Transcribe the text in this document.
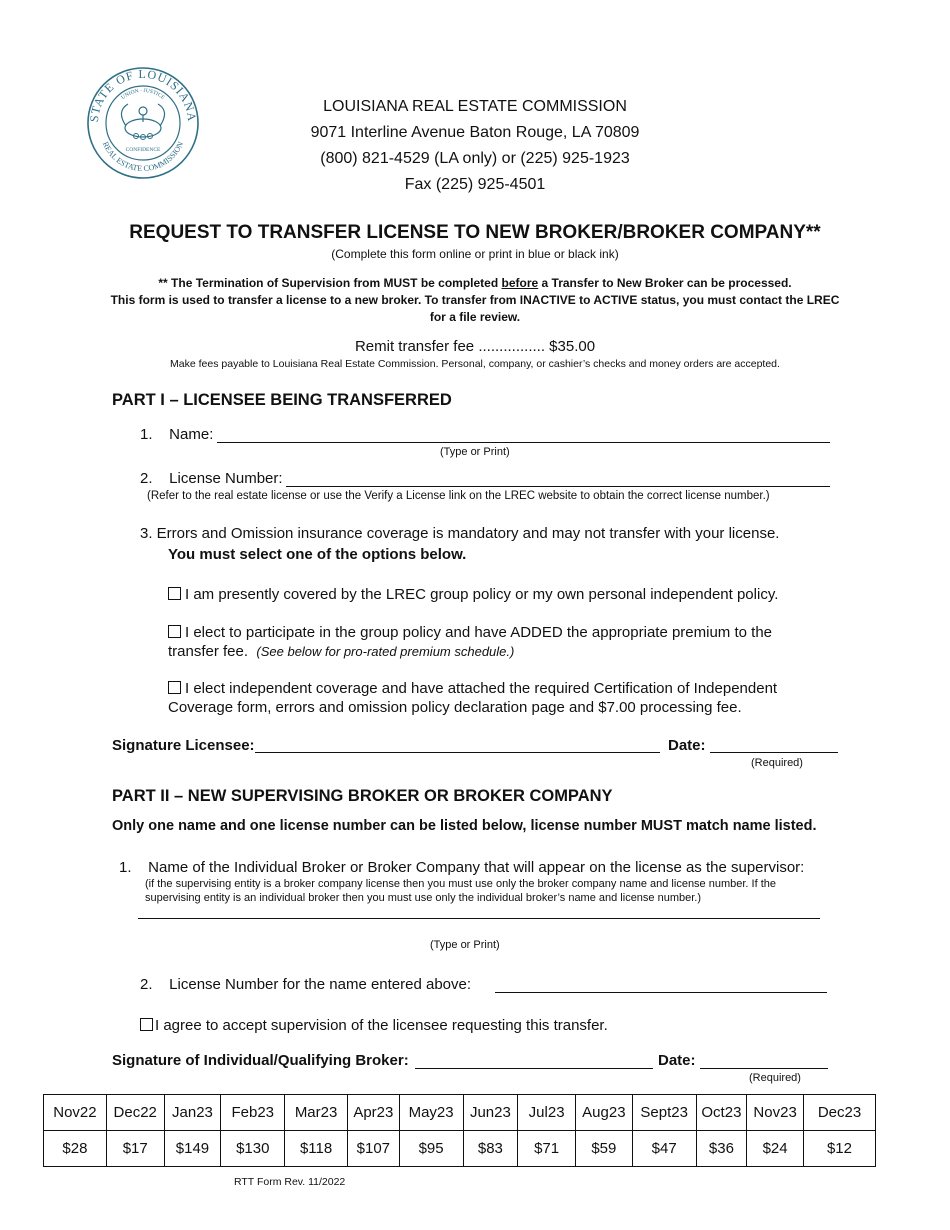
STATE OF LOUISIANA
REAL ESTATE COMMISSION
UNION · JUSTICE
CONFIDENCE
LOUISIANA REAL ESTATE COMMISSION
9071 Interline Avenue Baton Rouge, LA 70809
(800) 821-4529 (LA only) or (225) 925-1923
Fax (225) 925-4501
REQUEST TO TRANSFER LICENSE TO NEW BROKER/BROKER COMPANY**
(Complete this form online or print in blue or black ink)
** The Termination of Supervision from MUST be completed before a Transfer to New Broker can be processed.
This form is used to transfer a license to a new broker. To transfer from INACTIVE to ACTIVE status, you must contact the LREC for a file review.
Remit transfer fee ................ $35.00
Make fees payable to Louisiana Real Estate Commission. Personal, company, or cashier’s checks and money orders are accepted.
PART I – LICENSEE BEING TRANSFERRED
1.    Name:
(Type or Print)
2.    License Number:
(Refer to the real estate license or use the Verify a License link on the LREC website to obtain the correct license number.)
3. Errors and Omission insurance coverage is mandatory and may not transfer with your license.
You must select one of the options below.
I am presently covered by the LREC group policy or my own personal independent policy.
I elect to participate in the group policy and have ADDED the appropriate premium to the
transfer fee. (See below for pro-rated premium schedule.)
I elect independent coverage and have attached the required Certification of Independent
Coverage form, errors and omission policy declaration page and $7.00 processing fee.
Signature Licensee:	Date:
(Required)
PART II – NEW SUPERVISING BROKER OR BROKER COMPANY
Only one name and one license number can be listed below, license number MUST match name listed.
1.    Name of the Individual Broker or Broker Company that will appear on the license as the supervisor:
(if the supervising entity is a broker company license then you must use only the broker company name and license number. If the
supervising entity is an individual broker then you must use only the individual broker’s name and license number.)
(Type or Print)
2.    License Number for the name entered above:
I agree to accept supervision of the licensee requesting this transfer.
Signature of Individual/Qualifying Broker:	Date:
(Required)
Nov22	Dec22	Jan23	Feb23	Mar23	Apr23	May23	Jun23	Jul23	Aug23	Sept23	Oct23	Nov23	Dec23
$28	$17	$149	$130	$118	$107	$95	$83	$71	$59	$47	$36	$24	$12
RTT Form Rev. 11/2022
